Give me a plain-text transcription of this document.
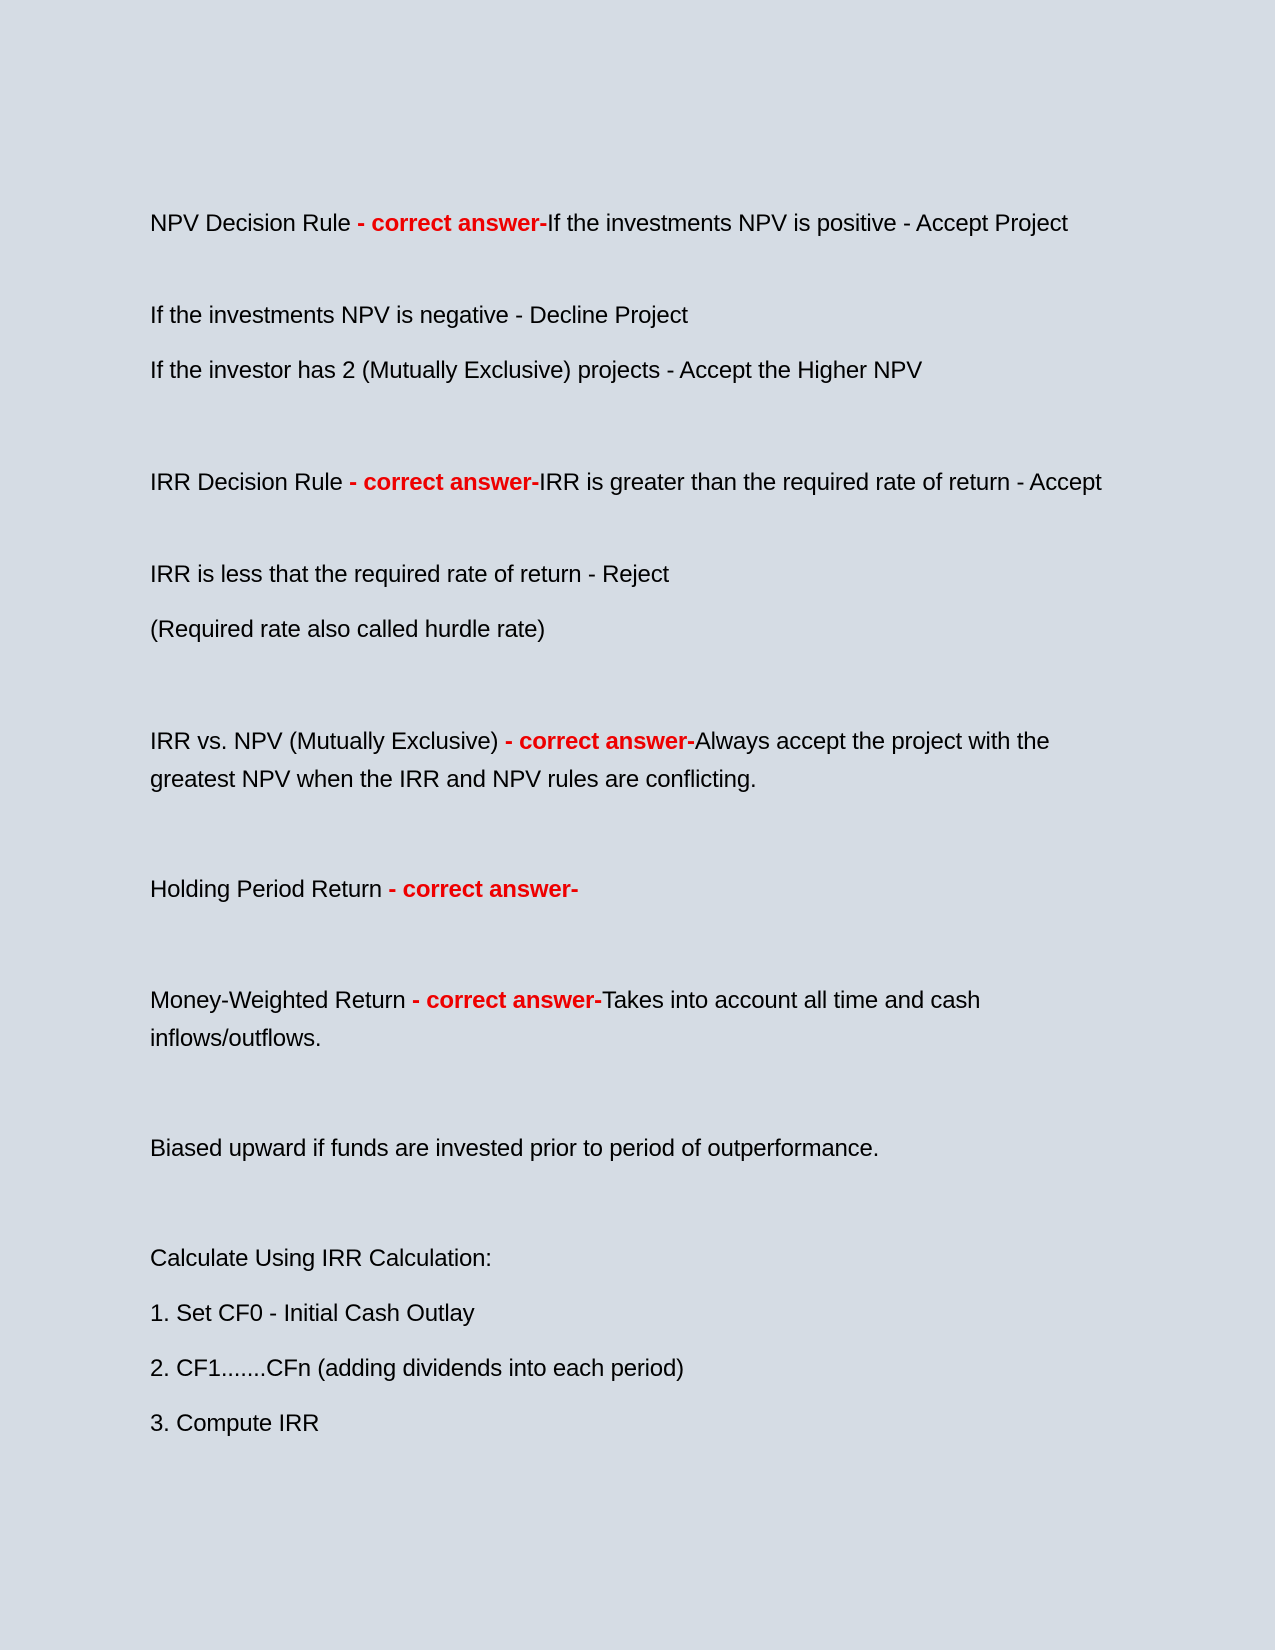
NPV Decision Rule - correct answer-If the investments NPV is positive - Accept Project
If the investments NPV is negative - Decline Project
If the investor has 2 (Mutually Exclusive) projects - Accept the Higher NPV
IRR Decision Rule - correct answer-IRR is greater than the required rate of return - Accept
IRR is less that the required rate of return - Reject
(Required rate also called hurdle rate)
IRR vs. NPV (Mutually Exclusive) - correct answer-Always accept the project with the greatest NPV when the IRR and NPV rules are conflicting.
Holding Period Return - correct answer-
Money-Weighted Return - correct answer-Takes into account all time and cash inflows/outflows.
Biased upward if funds are invested prior to period of outperformance.
Calculate Using IRR Calculation:
1. Set CF0 - Initial Cash Outlay
2. CF1.......CFn (adding dividends into each period)
3. Compute IRR
